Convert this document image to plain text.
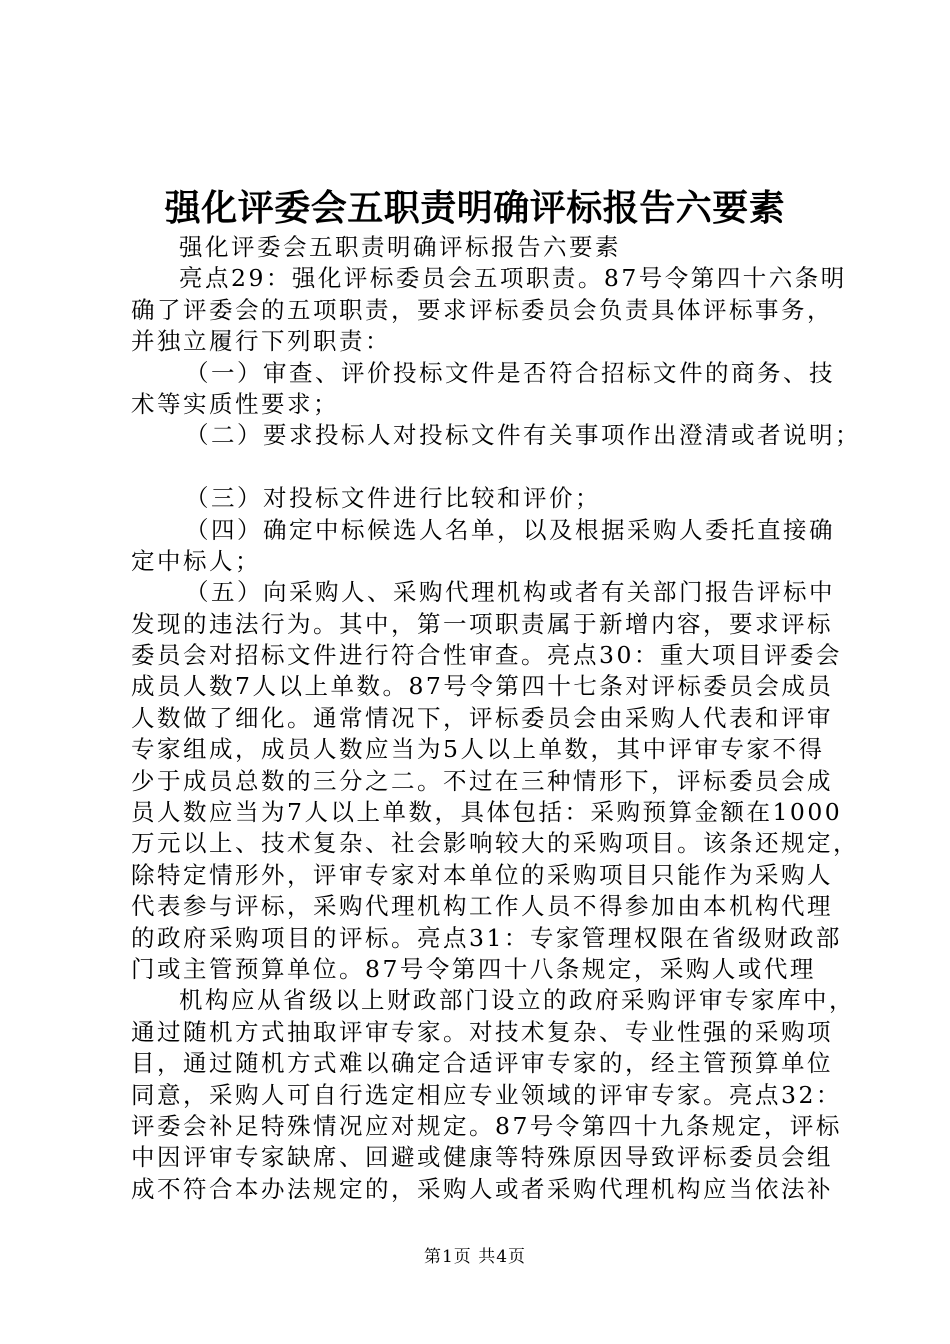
强化评委会五职责明确评标报告六要素
强化评委会五职责明确评标报告六要素
亮点29：强化评标委员会五项职责。87号令第四十六条明
确了评委会的五项职责，要求评标委员会负责具体评标事务，
并独立履行下列职责：
（一）审查、评价投标文件是否符合招标文件的商务、技
术等实质性要求；
（二）要求投标人对投标文件有关事项作出澄清或者说明；
（三）对投标文件进行比较和评价；
（四）确定中标候选人名单，以及根据采购人委托直接确
定中标人；
（五）向采购人、采购代理机构或者有关部门报告评标中
发现的违法行为。其中，第一项职责属于新增内容，要求评标
委员会对招标文件进行符合性审查。亮点30：重大项目评委会
成员人数7人以上单数。87号令第四十七条对评标委员会成员
人数做了细化。通常情况下，评标委员会由采购人代表和评审
专家组成，成员人数应当为5人以上单数，其中评审专家不得
少于成员总数的三分之二。不过在三种情形下，评标委员会成
员人数应当为7人以上单数，具体包括：采购预算金额在1000
万元以上、技术复杂、社会影响较大的采购项目。该条还规定，
除特定情形外，评审专家对本单位的采购项目只能作为采购人
代表参与评标，采购代理机构工作人员不得参加由本机构代理
的政府采购项目的评标。亮点31：专家管理权限在省级财政部
门或主管预算单位。87号令第四十八条规定，采购人或代理
机构应从省级以上财政部门设立的政府采购评审专家库中，
通过随机方式抽取评审专家。对技术复杂、专业性强的采购项
目，通过随机方式难以确定合适评审专家的，经主管预算单位
同意，采购人可自行选定相应专业领域的评审专家。亮点32：
评委会补足特殊情况应对规定。87号令第四十九条规定，评标
中因评审专家缺席、回避或健康等特殊原因导致评标委员会组
成不符合本办法规定的，采购人或者采购代理机构应当依法补
第1页 共4页
